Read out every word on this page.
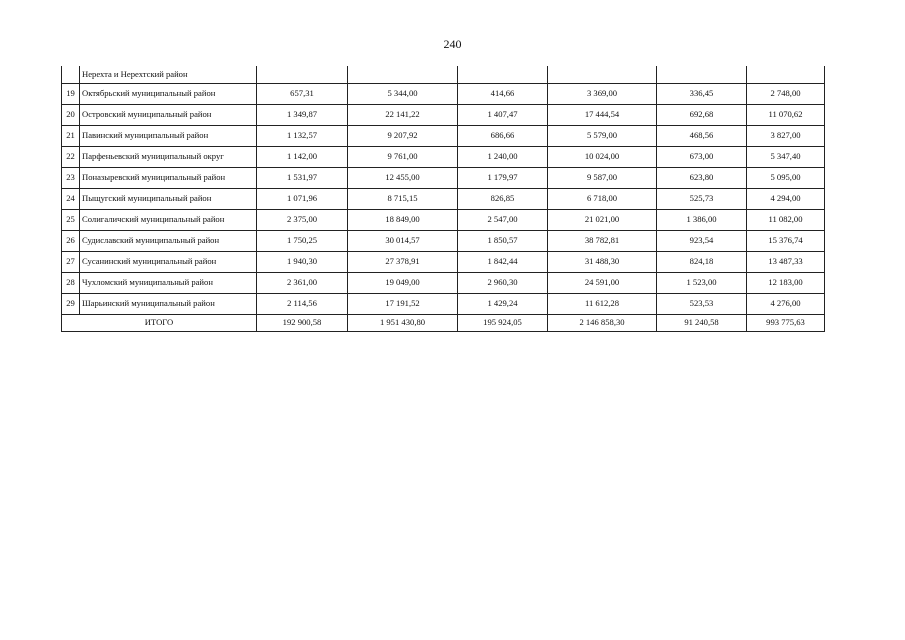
240
	Нерехта и Нерехтский район						
19	Октябрьский муниципальный район	657,31	5 344,00	414,66	3 369,00	336,45	2 748,00
20	Островский муниципальный район	1 349,87	22 141,22	1 407,47	17 444,54	692,68	11 070,62
21	Павинский муниципальный район	1 132,57	9 207,92	686,66	5 579,00	468,56	3 827,00
22	Парфеньевский муниципальный округ	1 142,00	9 761,00	1 240,00	10 024,00	673,00	5 347,40
23	Поназыревский муниципальный район	1 531,97	12 455,00	1 179,97	9 587,00	623,80	5 095,00
24	Пыщугский муниципальный район	1 071,96	8 715,15	826,85	6 718,00	525,73	4 294,00
25	Солигаличский муниципальный район	2 375,00	18 849,00	2 547,00	21 021,00	1 386,00	11 082,00
26	Судиславский муниципальный район	1 750,25	30 014,57	1 850,57	38 782,81	923,54	15 376,74
27	Сусанинский муниципальный район	1 940,30	27 378,91	1 842,44	31 488,30	824,18	13 487,33
28	Чухломский муниципальный район	2 361,00	19 049,00	2 960,30	24 591,00	1 523,00	12 183,00
29	Шарьинский муниципальный район	2 114,56	17 191,52	1 429,24	11 612,28	523,53	4 276,00
ИТОГО		192 900,58	1 951 430,80	195 924,05	2 146 858,30	91 240,58	993 775,63
